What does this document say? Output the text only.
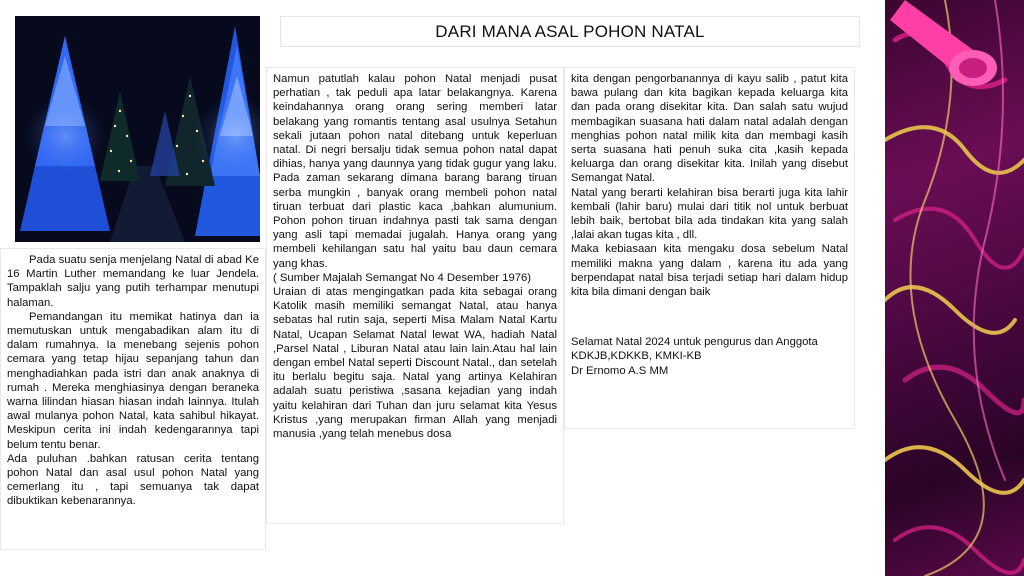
DARI MANA ASAL POHON NATAL

Pada suatu senja menjelang Natal di abad Ke 16 Martin Luther memandang ke luar Jendela. Tampaklah salju yang putih terhampar menutupi halaman.

Pemandangan itu memikat hatinya dan ia memutuskan untuk mengabadikan alam itu di dalam rumahnya. Ia menebang sejenis pohon cemara yang tetap hijau sepanjang tahun dan menghadiahkan pada istri dan anak anaknya di rumah . Mereka menghiasinya dengan beraneka warna lilindan hiasan hiasan indah lainnya. Itulah awal mulanya pohon Natal, kata sahibul hikayat. Meskipun cerita ini indah kedengarannya tapi belum tentu benar.

Ada puluhan .bahkan ratusan cerita tentang pohon Natal dan asal usul pohon Natal yang cemerlang itu , tapi semuanya tak dapat dibuktikan kebenarannya.

Namun patutlah kalau pohon Natal menjadi pusat perhatian , tak peduli apa latar belakangnya. Karena keindahannya orang orang sering memberi latar belakang yang romantis tentang asal usulnya Setahun sekali jutaan pohon natal ditebang untuk keperluan natal. Di negri bersalju tidak semua pohon natal dapat dihias, hanya yang daunnya yang tidak gugur yang laku. Pada zaman sekarang dimana barang barang tiruan serba mungkin , banyak orang membeli pohon natal tiruan terbuat dari plastic kaca ,bahkan alumunium. Pohon pohon tiruan indahnya pasti tak sama dengan yang asli tapi memadai jugalah. Hanya orang yang membeli kehilangan satu hal yaitu bau daun cemara yang khas.

( Sumber Majalah Semangat No 4 Desember 1976)

Uraian di atas mengingatkan pada kita sebagai orang Katolik masih memiliki semangat Natal, atau hanya sebatas hal rutin saja, seperti Misa Malam Natal Kartu Natal, Ucapan Selamat Natal lewat WA, hadiah Natal ,Parsel Natal , Liburan Natal atau lain lain.Atau hal lain dengan embel Natal seperti Discount Natal., dan setelah itu berlalu begitu saja. Natal yang artinya Kelahiran adalah suatu peristiwa ,sasana kejadian yang indah yaitu kelahiran dari Tuhan dan juru selamat kita Yesus Kristus ,yang merupakan firman Allah yang menjadi manusia ,yang telah menebus dosa

kita dengan pengorbanannya di kayu salib , patut kita bawa pulang dan kita bagikan kepada keluarga kita dan pada orang disekitar kita. Dan salah satu wujud membagikan suasana hati dalam natal adalah dengan menghias pohon natal milik kita dan membagi kasih serta suasana hati penuh suka cita ,kasih kepada keluarga dan orang disekitar kita. Inilah yang disebut Semangat Natal.

Natal yang berarti kelahiran bisa berarti juga kita lahir kembali (lahir baru) mulai dari titik nol untuk berbuat lebih baik, bertobat bila ada tindakan kita yang salah ,lalai akan tugas kita , dll.

Maka kebiasaan kita mengaku dosa sebelum Natal memiliki makna yang dalam , karena itu ada yang berpendapat natal bisa terjadi setiap hari dalam hidup kita bila dimani dengan baik

Selamat Natal 2024 untuk pengurus dan Anggota KDKJB,KDKKB, KMKI-KB

Dr Ernomo A.S MM
